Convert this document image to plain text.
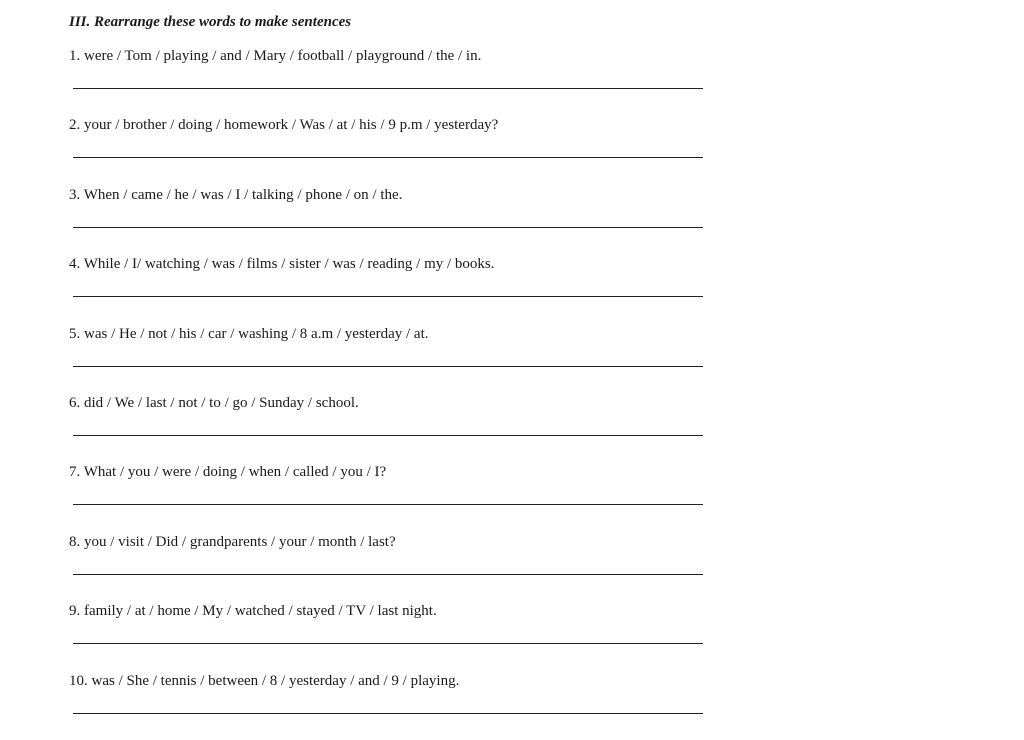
III. Rearrange these words to make sentences
1. were / Tom / playing / and / Mary / football / playground / the / in.
2. your / brother / doing / homework / Was / at / his / 9 p.m / yesterday?
3. When / came / he / was / I / talking / phone / on / the.
4. While / I/ watching / was / films / sister / was / reading / my / books.
5. was / He / not / his / car / washing / 8 a.m / yesterday / at.
6. did / We / last / not / to / go / Sunday / school.
7. What / you / were / doing / when / called / you / I?
8. you / visit / Did / grandparents / your / month / last?
9. family / at / home / My / watched / stayed / TV / last night.
10. was / She / tennis / between / 8 / yesterday / and / 9 / playing.
